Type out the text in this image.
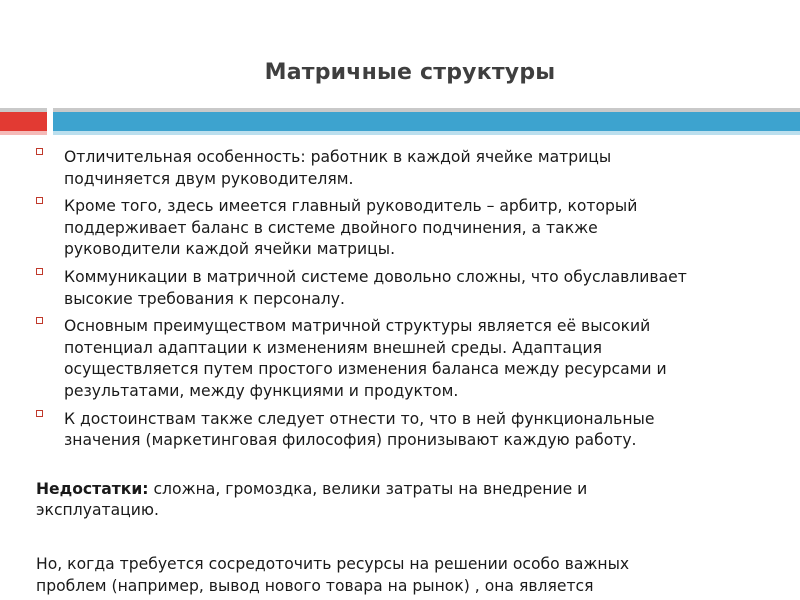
Матричные структуры
Отличительная особенность: работник в каждой ячейке матрицы
подчиняется двум руководителям.
Кроме того, здесь имеется главный руководитель – арбитр, который
поддерживает баланс в системе двойного подчинения, а также
руководители каждой ячейки матрицы.
Коммуникации в матричной системе довольно сложны, что обуславливает
высокие требования к персоналу.
Основным преимуществом матричной структуры является её высокий
потенциал адаптации к изменениям внешней среды. Адаптация
осуществляется путем простого изменения баланса между ресурсами и
результатами, между функциями и продуктом.
К достоинствам также следует отнести то, что в ней функциональные
значения (маркетинговая философия) пронизывают каждую работу.
Недостатки: сложна, громоздка, велики затраты на внедрение и
эксплуатацию.
Но, когда требуется сосредоточить ресурсы на решении особо важных
проблем (например, вывод нового товара на рынок) , она является
